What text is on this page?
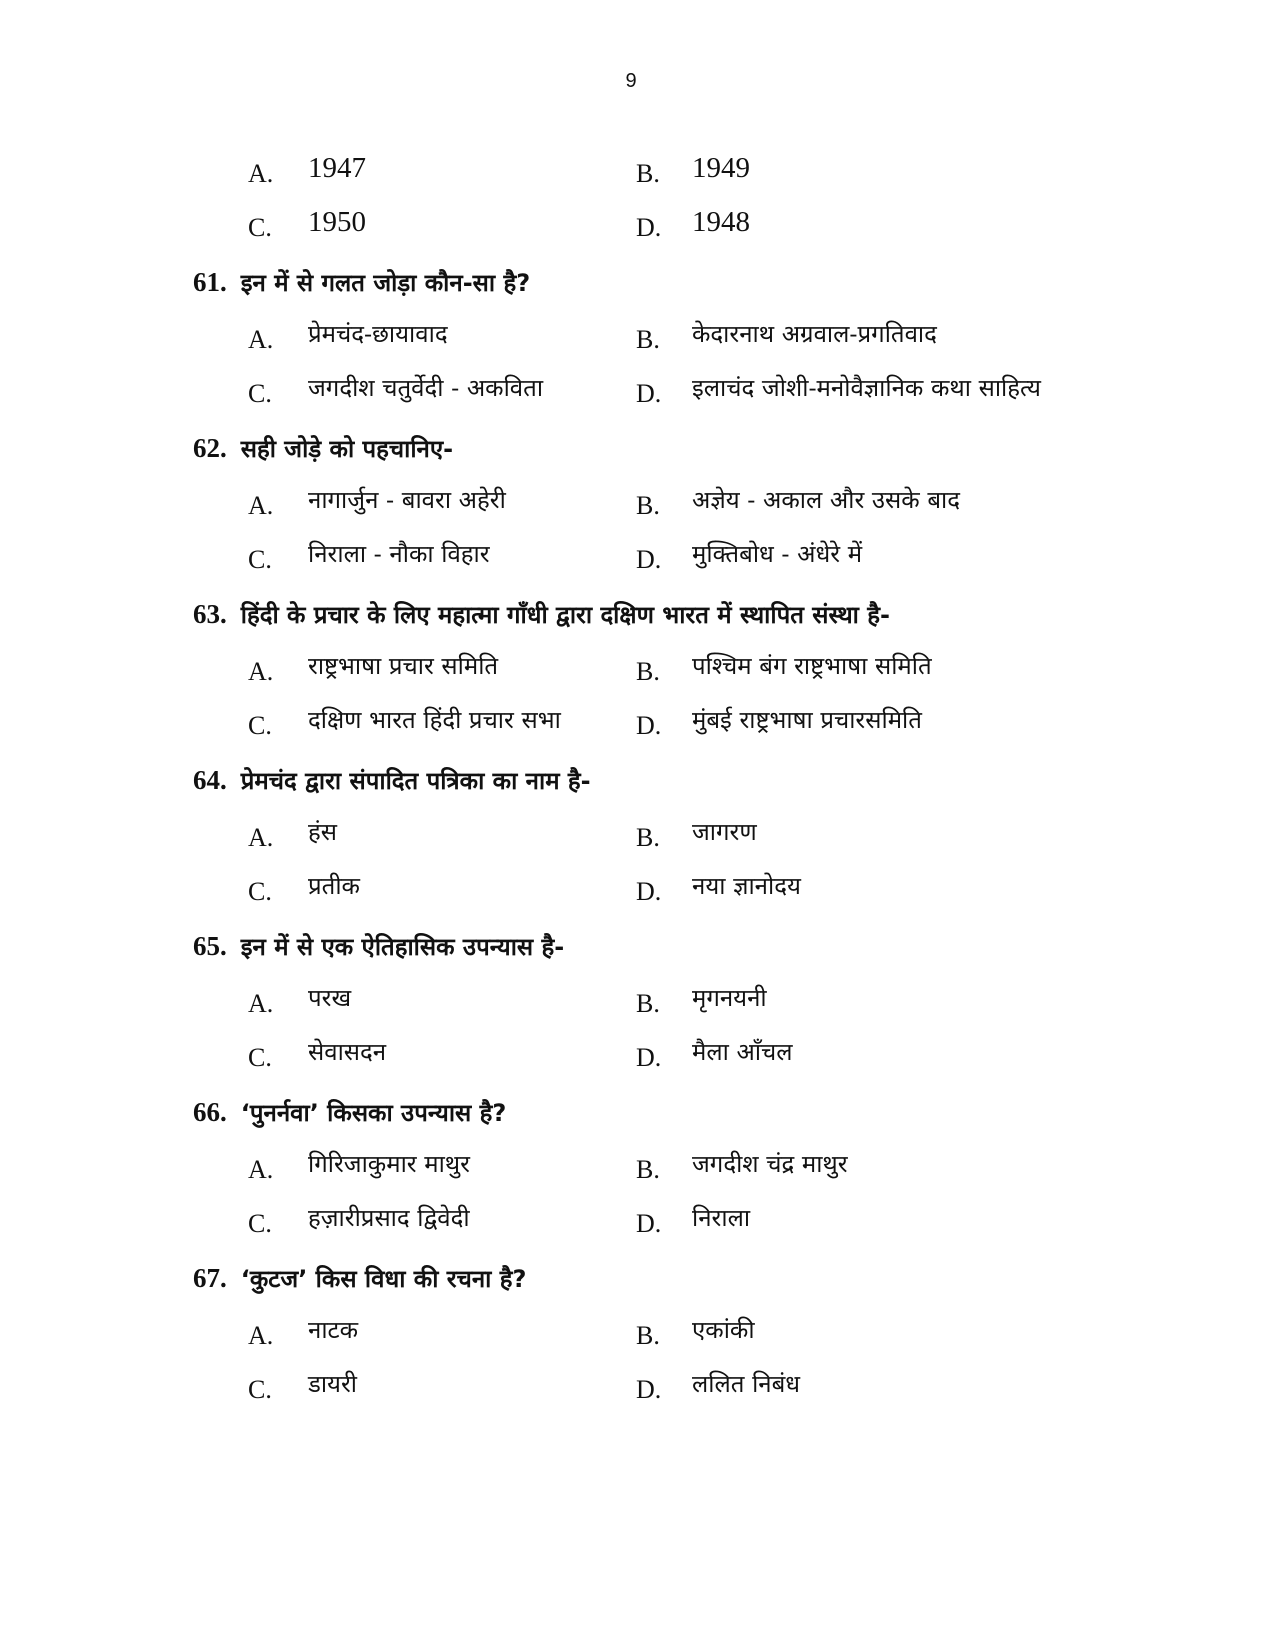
9
A. 1947	B. 1949
C. 1950	D. 1948
61. इन में से गलत जोड़ा कौन-सा है?
A. प्रेमचंद-छायावाद	B. केदारनाथ अग्रवाल-प्रगतिवाद
C. जगदीश चतुर्वेदी - अकविता	D. इलाचंद जोशी-मनोवैज्ञानिक कथा साहित्य
62. सही जोड़े को पहचानिए-
A. नागार्जुन - बावरा अहेरी	B. अज्ञेय - अकाल और उसके बाद
C. निराला - नौका विहार	D. मुक्तिबोध - अंधेरे में
63. हिंदी के प्रचार के लिए महात्मा गाँधी द्वारा दक्षिण भारत में स्थापित संस्था है-
A. राष्ट्रभाषा प्रचार समिति	B. पश्चिम बंग राष्ट्रभाषा समिति
C. दक्षिण भारत हिंदी प्रचार सभा	D. मुंबई राष्ट्रभाषा प्रचारसमिति
64. प्रेमचंद द्वारा संपादित पत्रिका का नाम है-
A. हंस	B. जागरण
C. प्रतीक	D. नया ज्ञानोदय
65. इन में से एक ऐतिहासिक उपन्यास है-
A. परख	B. मृगनयनी
C. सेवासदन	D. मैला आँचल
66. ‘पुनर्नवा’ किसका उपन्यास है?
A. गिरिजाकुमार माथुर	B. जगदीश चंद्र माथुर
C. हज़ारीप्रसाद द्विवेदी	D. निराला
67. ‘कुटज’ किस विधा की रचना है?
A. नाटक	B. एकांकी
C. डायरी	D. ललित निबंध
